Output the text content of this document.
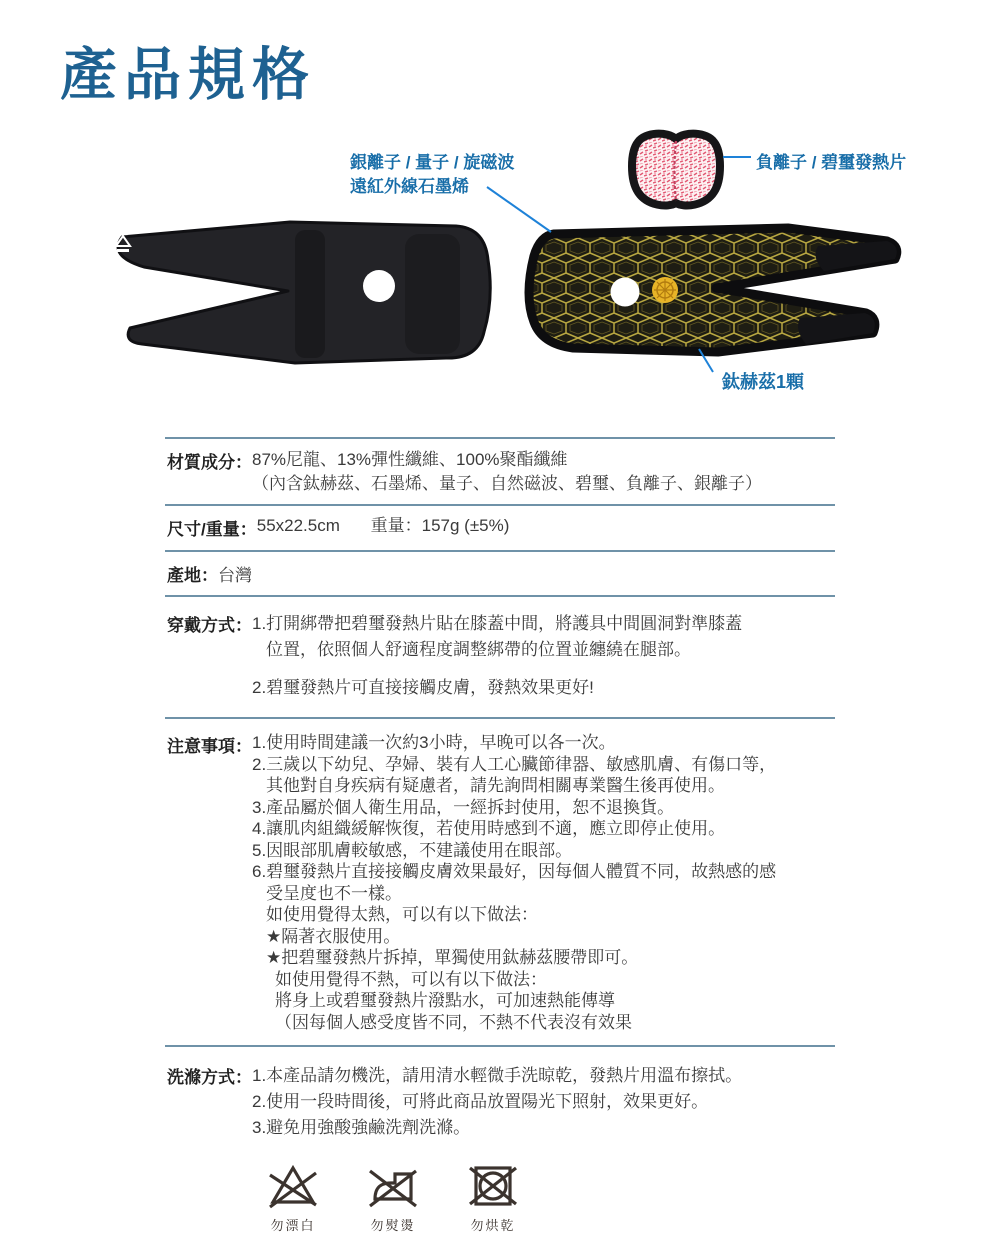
產品規格
銀離子 / 量子 / 旋磁波
遠紅外線石墨烯
負離子 / 碧璽發熱片
鈦赫茲1顆
材質成分： 87%尼龍、13%彈性纖維、100%聚酯纖維
（內含鈦赫茲、石墨烯、量子、自然磁波、碧璽、負離子、銀離子）
尺寸/重量： 55x22.5cm 重量：157g (±5%)
產地： 台灣
穿戴方式： 1.打開綁帶把碧璽發熱片貼在膝蓋中間，將護具中間圓洞對準膝蓋
位置，依照個人舒適程度調整綁帶的位置並纏繞在腿部。
2.碧璽發熱片可直接接觸皮膚，發熱效果更好!
注意事項： 1.使用時間建議一次約3小時，早晚可以各一次。
2.三歲以下幼兒、孕婦、裝有人工心臟節律器、敏感肌膚、有傷口等，
其他對自身疾病有疑慮者，請先詢問相關專業醫生後再使用。
3.產品屬於個人衛生用品，一經拆封使用，恕不退換貨。
4.讓肌肉組織緩解恢復，若使用時感到不適，應立即停止使用。
5.因眼部肌膚較敏感，不建議使用在眼部。
6.碧璽發熱片直接接觸皮膚效果最好，因每個人體質不同，故熱感的感
受呈度也不一樣。
如使用覺得太熱，可以有以下做法：
★隔著衣服使用。
★把碧璽發熱片拆掉，單獨使用鈦赫茲腰帶即可。
如使用覺得不熱，可以有以下做法：
將身上或碧璽發熱片潑點水，可加速熱能傳導
（因每個人感受度皆不同，不熱不代表沒有效果
洗滌方式： 1.本產品請勿機洗，請用清水輕微手洗晾乾，發熱片用溫布擦拭。
2.使用一段時間後，可將此商品放置陽光下照射，效果更好。
3.避免用強酸強鹼洗劑洗滌。
勿漂白	勿熨燙	勿烘乾
